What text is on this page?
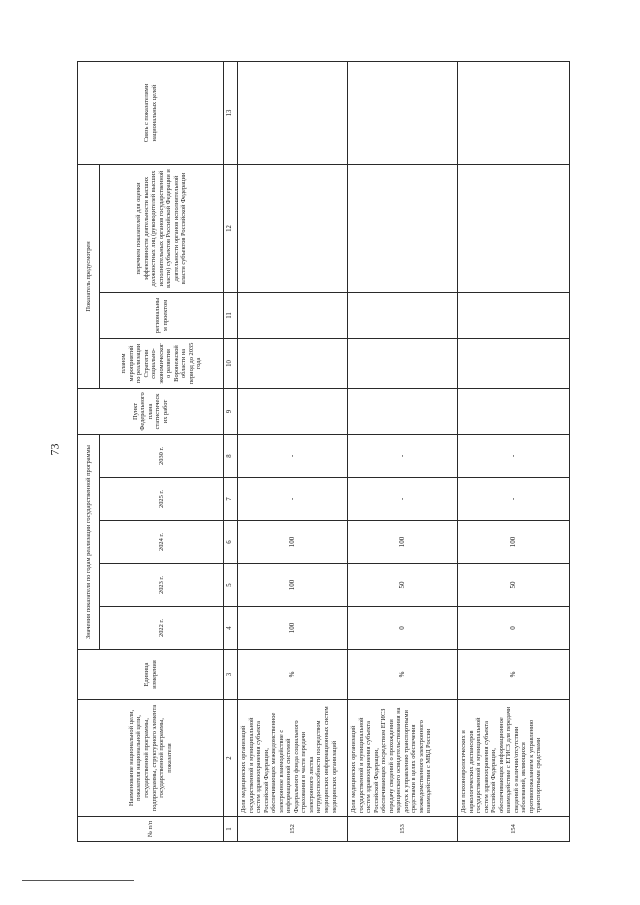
73
№ п/п	Наименование национальной цели, показателя национальной цели, государственной программы, подпрограммы, структурного элемента государственной программы, показателя	Единица измерения	Значения показателя по годам реализации государственной программы					Пункт Федерального плана статистических работ	Показатель предусмотрен			Связь с показателями национальных целей
			2022 г.	2023 г.	2024 г.	2025 г.	2030 г.		планом мероприятий по реализации Стратегии социально-экономического развития Воронежской области на период до 2035 года	региональным проектом	перечнем показателей для оценки эффективности деятельности высших должностных лиц (руководителей высших исполнительных органов государственной власти) субъектов Российской Федерации и деятельности органов исполнительной власти субъектов Российской Федерации	
1	2	3	4	5	6	7	8	9	10	11	12	13
152	Доля медицинских организаций государственной и муниципальной систем здравоохранения субъекта Российской Федерации, обеспечивающих межведомственное электронное взаимодействие с информационной системой Федерального фонда социального страхования в части передачи электронного листка нетрудоспособности посредством медицинских информационных систем медицинских организаций	%	100	100	100	-	-					
153	Доля медицинских организаций государственной и муниципальной систем здравоохранения субъекта Российской Федерации, обеспечивающих посредством ЕГИСЗ передачу сведений о прохождении медицинского освидетельствования на допуск к управлению транспортными средствами в целях обеспечения межведомственного электронного взаимодействия с МВД России	%	0	50	100	-	-					
154	Доля психоневрологических и наркологических диспансеров государственной и муниципальной систем здравоохранения субъекта Российской Федерации, обеспечивающих информационное взаимодействие с ЕГИСЗ для передачи сведений о наличии/отсутствии заболеваний, являющихся противопоказанием к управлению транспортными средствами	%	0	50	100	-	-					
